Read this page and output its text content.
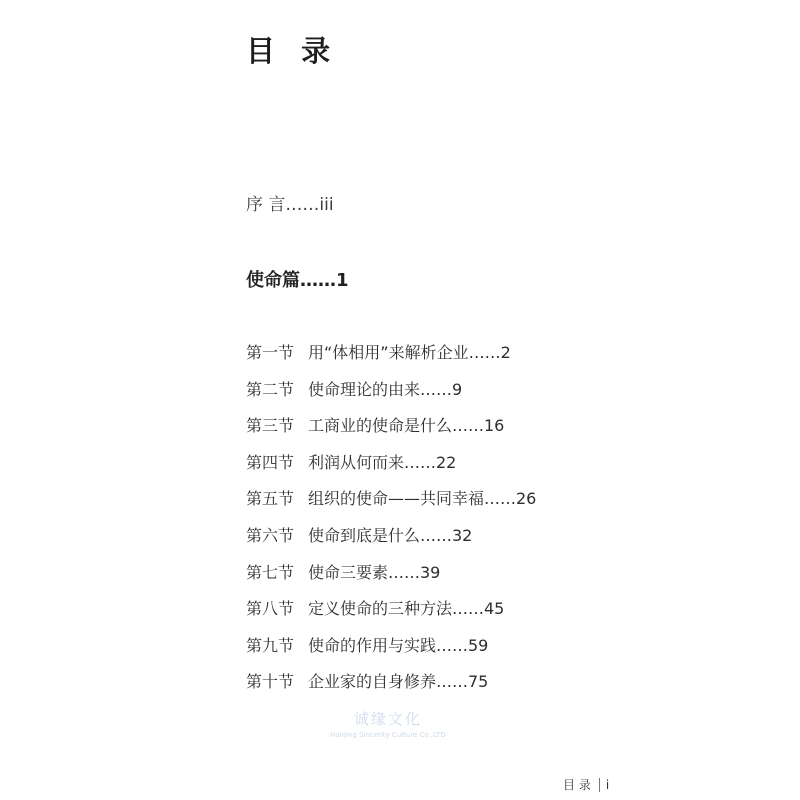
目 录
序 言……iii
使命篇……1
第一节 用“体相用”来解析企业……2
第二节 使命理论的由来……9
第三节 工商业的使命是什么……16
第四节 利润从何而来……22
第五节 组织的使命——共同幸福……26
第六节 使命到底是什么……32
第七节 使命三要素……39
第八节 定义使命的三种方法……45
第九节 使命的作用与实践……59
第十节 企业家的自身修养……75
诚缘文化
Hanjing Sincerity Culture Co.,LTD
目 录 i
